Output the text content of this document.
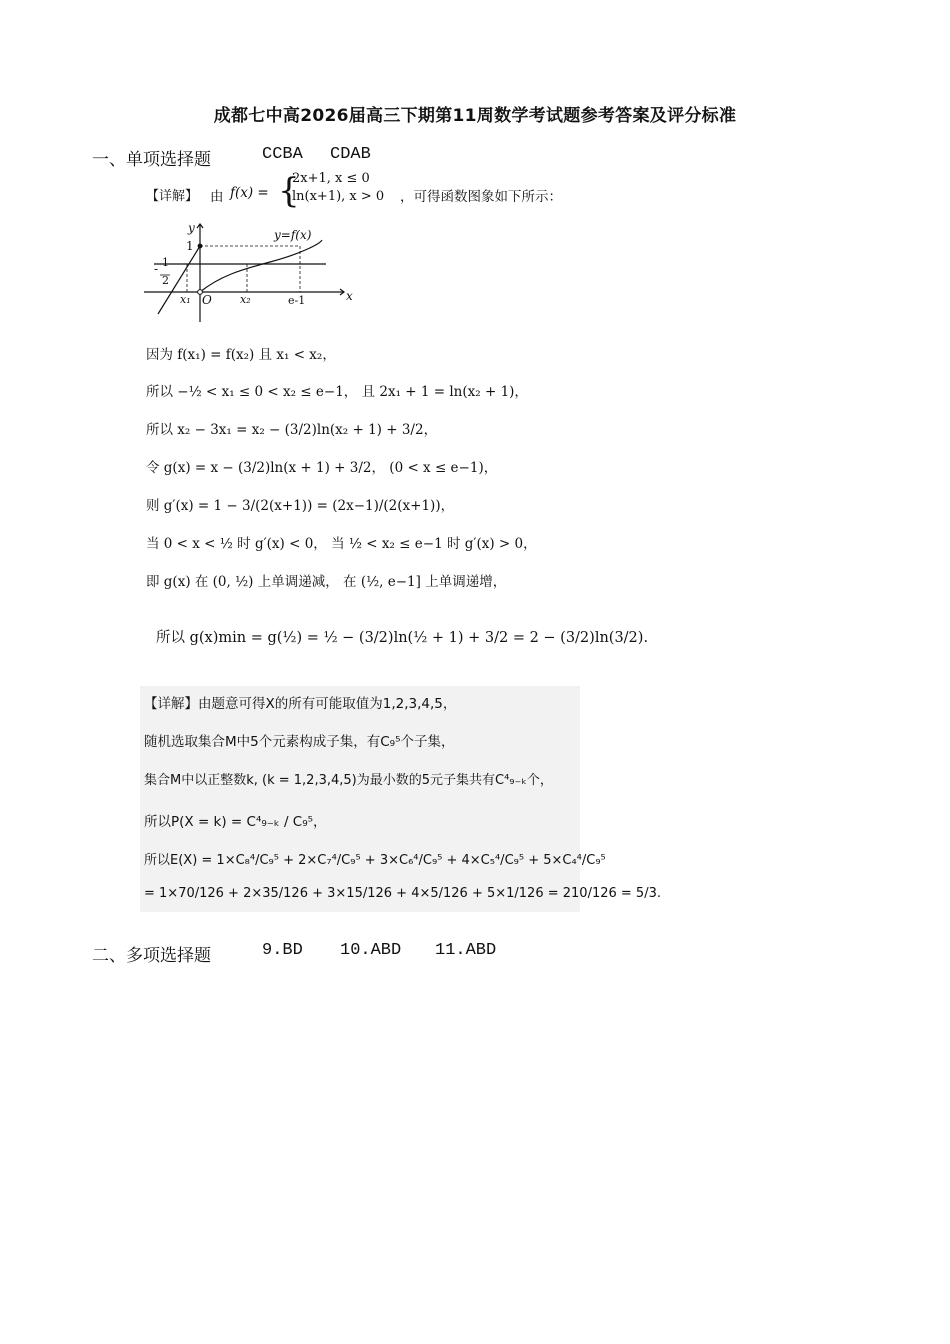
成都七中高2026届高三下期第11周数学考试题参考答案及评分标准
一、单项选择题	CCBA CDAB
【详解】 由 f(x) = {
2x+1, x ≤ 0
ln(x+1), x > 0 ，可得函数图象如下所示：
y
x
y=f(x)
1
- 1
2
x₁ O	x₂	e-1
因为 f(x₁) = f(x₂) 且 x₁ < x₂，
所以 −½ < x₁ ≤ 0 < x₂ ≤ e−1， 且 2x₁ + 1 = ln(x₂ + 1)，
所以 x₂ − 3x₁ = x₂ − (3/2)ln(x₂ + 1) + 3/2，
令 g(x) = x − (3/2)ln(x + 1) + 3/2， (0 < x ≤ e−1)，
则 g′(x) = 1 − 3/(2(x+1)) = (2x−1)/(2(x+1))，
当 0 < x < ½ 时 g′(x) < 0， 当 ½ < x₂ ≤ e−1 时 g′(x) > 0，
即 g(x) 在 (0, ½) 上单调递减， 在 (½, e−1] 上单调递增，
所以 g(x)min = g(½) = ½ − (3/2)ln(½ + 1) + 3/2 = 2 − (3/2)ln(3/2).
【详解】由题意可得X的所有可能取值为1,2,3,4,5，
随机选取集合M中5个元素构成子集，有C₉⁵个子集，
集合M中以正整数k, (k = 1,2,3,4,5)为最小数的5元子集共有C⁴₉₋ₖ个，
所以P(X = k) = C⁴₉₋ₖ / C₉⁵，
所以E(X) = 1×C₈⁴/C₉⁵ + 2×C₇⁴/C₉⁵ + 3×C₆⁴/C₉⁵ + 4×C₅⁴/C₉⁵ + 5×C₄⁴/C₉⁵
= 1×70/126 + 2×35/126 + 3×15/126 + 4×5/126 + 5×1/126 = 210/126 = 5/3.
二、多项选择题	9.BD 10.ABD 11.ABD
